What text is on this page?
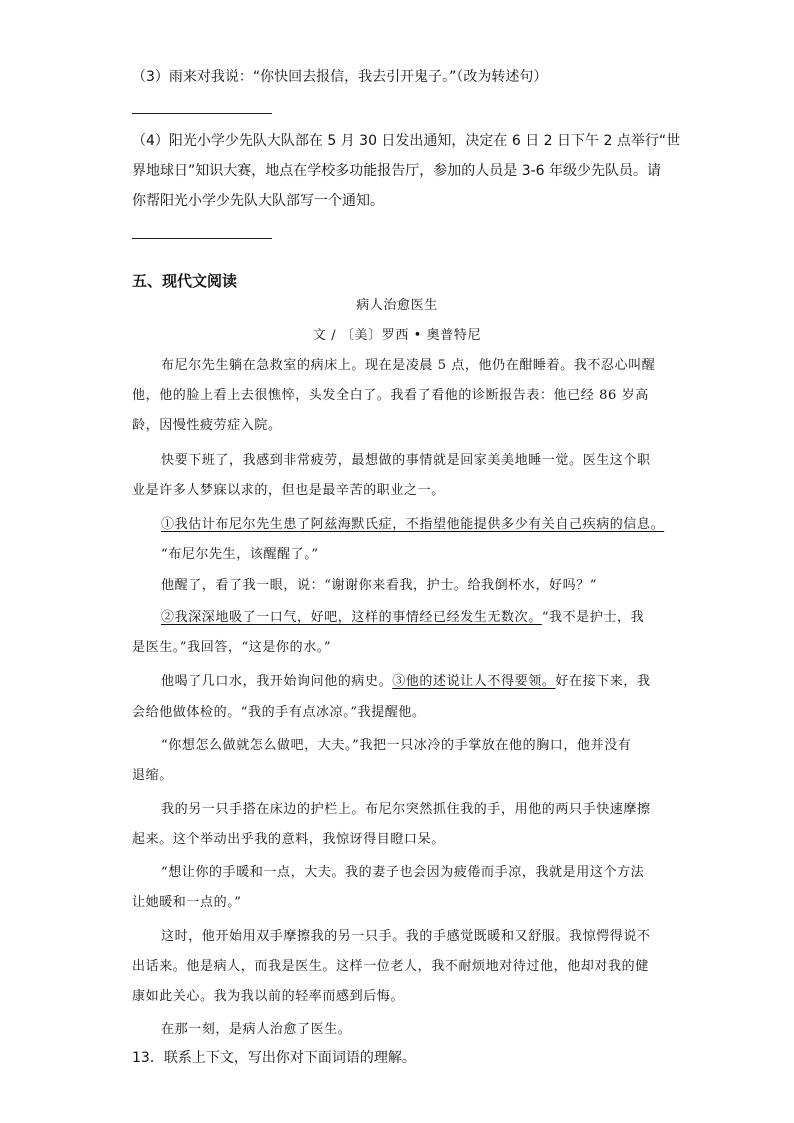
（3）雨来对我说：“你快回去报信，我去引开鬼子。”（改为转述句）
（4）阳光小学少先队大队部在 5 月 30 日发出通知，决定在 6 日 2 日下午 2 点举行“世
界地球日”知识大赛，地点在学校多功能报告厅，参加的人员是 3-6 年级少先队员。请
你帮阳光小学少先队大队部写一个通知。
五、现代文阅读
病人治愈医生
文 / 〔美〕罗西 • 奥普特尼
布尼尔先生躺在急救室的病床上。现在是凌晨 5 点，他仍在酣睡着。我不忍心叫醒
他，他的脸上看上去很憔悴，头发全白了。我看了看他的诊断报告表：他已经 86 岁高
龄，因慢性疲劳症入院。
快要下班了，我感到非常疲劳，最想做的事情就是回家美美地睡一觉。医生这个职
业是许多人梦寐以求的，但也是最辛苦的职业之一。
①我估计布尼尔先生患了阿兹海默氏症，不指望他能提供多少有关自己疾病的信息。
“布尼尔先生，该醒醒了。”
他醒了，看了我一眼，说：“谢谢你来看我，护士。给我倒杯水，好吗？”
②我深深地吸了一口气，好吧，这样的事情经已经发生无数次。“我不是护士，我
是医生。”我回答，“这是你的水。”
他喝了几口水，我开始询问他的病史。③他的述说让人不得要领。好在接下来，我
会给他做体检的。“我的手有点冰凉。”我提醒他。
“你想怎么做就怎么做吧，大夫。”我把一只冰冷的手掌放在他的胸口，他并没有
退缩。
我的另一只手搭在床边的护栏上。布尼尔突然抓住我的手，用他的两只手快速摩擦
起来。这个举动出乎我的意料，我惊讶得目瞪口呆。
“想让你的手暖和一点，大夫。我的妻子也会因为疲倦而手凉，我就是用这个方法
让她暖和一点的。”
这时，他开始用双手摩擦我的另一只手。我的手感觉既暖和又舒服。我惊愕得说不
出话来。他是病人，而我是医生。这样一位老人，我不耐烦地对待过他，他却对我的健
康如此关心。我为我以前的轻率而感到后悔。
在那一刻，是病人治愈了医生。
13．联系上下文，写出你对下面词语的理解。
